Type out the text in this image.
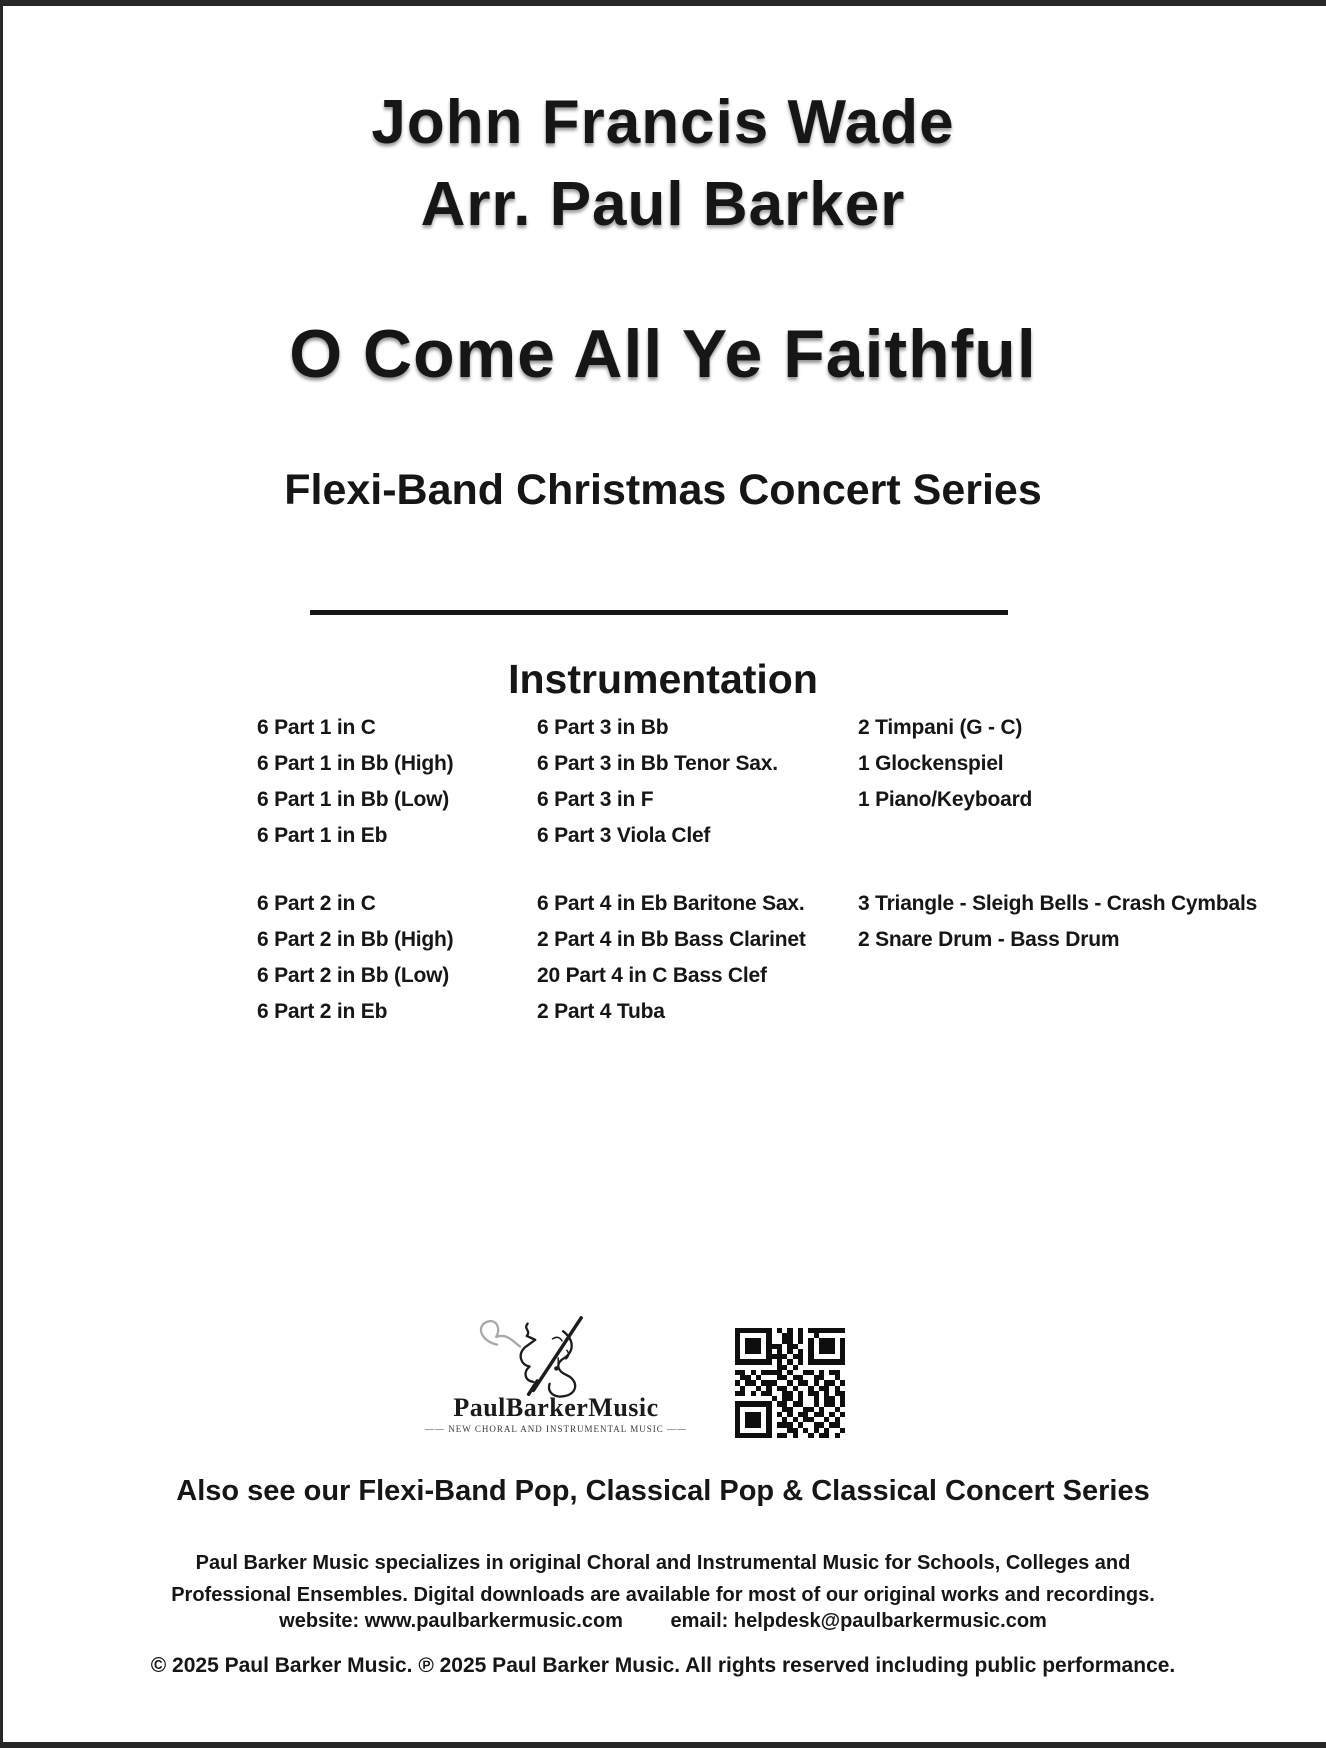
John Francis Wade
Arr. Paul Barker
O Come All Ye Faithful
Flexi-Band Christmas Concert Series
Instrumentation
6 Part 1 in C
6 Part 1 in Bb (High)
6 Part 1 in Bb (Low)
6 Part 1 in Eb
6 Part 2 in C
6 Part 2 in Bb (High)
6 Part 2 in Bb (Low)
6 Part 2 in Eb
6 Part 3 in Bb
6 Part 3 in Bb Tenor Sax.
6 Part 3 in F
6 Part 3 Viola Clef
6 Part 4 in Eb Baritone Sax.
2 Part 4 in Bb Bass Clarinet
20 Part 4 in C Bass Clef
2 Part 4 Tuba
2 Timpani (G - C)
1 Glockenspiel
1 Piano/Keyboard
3 Triangle - Sleigh Bells - Crash Cymbals
2 Snare Drum - Bass Drum
PaulBarkerMusic
—— NEW CHORAL AND INSTRUMENTAL MUSIC ——
Also see our Flexi-Band Pop, Classical Pop & Classical Concert Series
Paul Barker Music specializes in original Choral and Instrumental Music for Schools, Colleges and
Professional Ensembles. Digital downloads are available for most of our original works and recordings.
website: www.paulbarkermusic.com email: helpdesk@paulbarkermusic.com
© 2025 Paul Barker Music. ℗ 2025 Paul Barker Music. All rights reserved including public performance.
